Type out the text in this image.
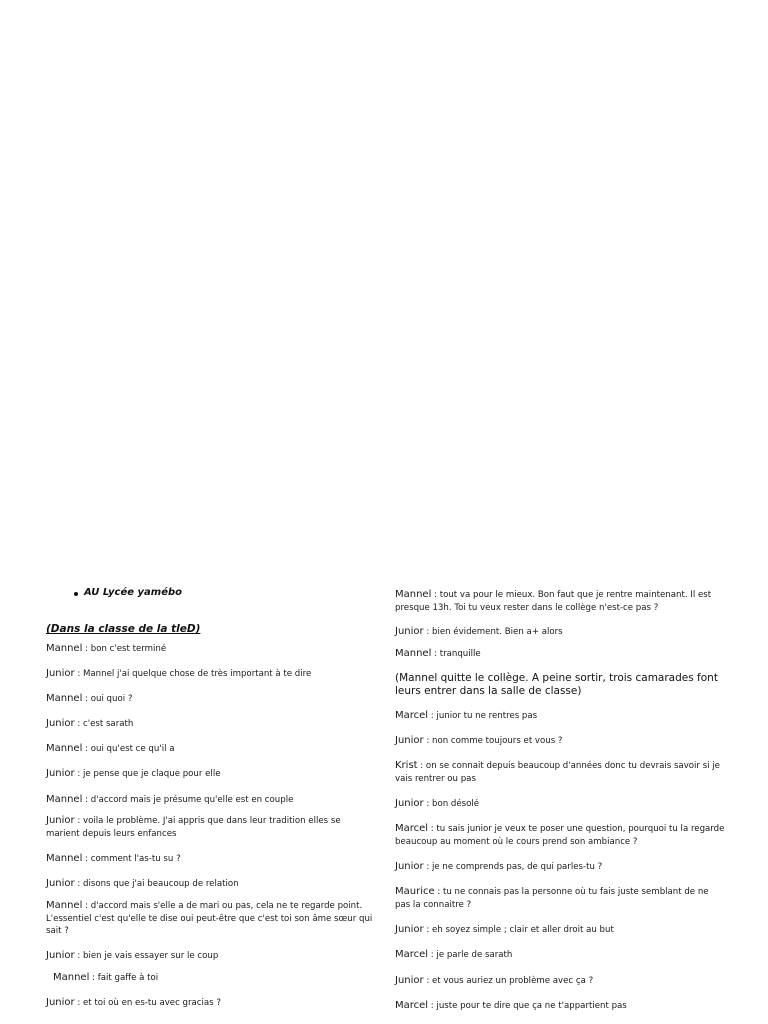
AU Lycée yamébo
(Dans la classe de la tleD)
Mannel : bon c'est terminé
Junior : Mannel j'ai quelque chose de très important à te dire
Mannel : oui quoi ?
Junior : c'est sarath
Mannel : oui qu'est ce qu'il a
Junior : je pense que je claque pour elle
Mannel : d'accord mais je présume qu'elle est en couple
Junior : voila le problème. J'ai appris que dans leur tradition elles se marient depuis leurs enfances
Mannel : comment l'as-tu su ?
Junior : disons que j'ai beaucoup de relation
Mannel : d'accord mais s'elle a de mari ou pas, cela ne te regarde point. L'essentiel c'est qu'elle te dise oui peut-être que c'est toi son âme sœur qui sait ?
Junior : bien je vais essayer sur le coup
Mannel : fait gaffe à toi
Junior : et toi où en es-tu avec gracias ?
Mannel : tout va pour le mieux. Bon faut que je rentre maintenant. Il est presque 13h. Toi tu veux rester dans le collège n'est-ce pas ?
Junior : bien évidement. Bien a+ alors
Mannel : tranquille
(Mannel quitte le collège. A peine sortir, trois camarades font leurs entrer dans la salle de classe)
Marcel : junior tu ne rentres pas
Junior : non comme toujours et vous ?
Krist : on se connait depuis beaucoup d'années donc tu devrais savoir si je vais rentrer ou pas
Junior : bon désolé
Marcel : tu sais junior je veux te poser une question, pourquoi tu la regarde beaucoup au moment où le cours prend son ambiance ?
Junior : je ne comprends pas, de qui parles-tu ?
Maurice : tu ne connais pas la personne où tu fais juste semblant de ne pas la connaitre ?
Junior : eh soyez simple ; clair et aller droit au but
Marcel : je parle de sarath
Junior : et vous auriez un problème avec ça ?
Marcel : juste pour te dire que ça ne t'appartient pas
